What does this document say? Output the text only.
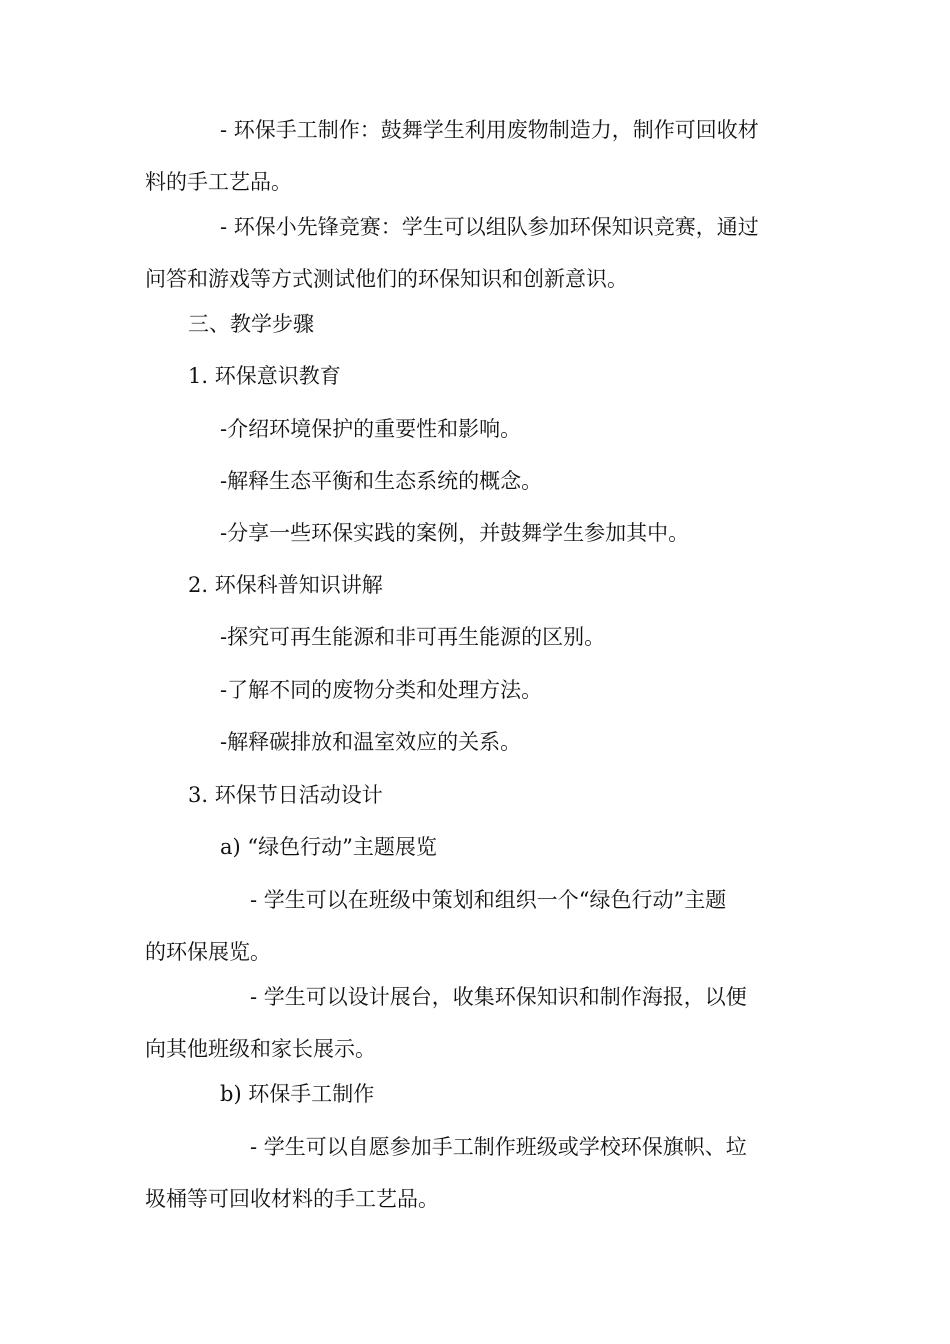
- 环保手工制作：鼓舞学生利用废物制造力，制作可回收材
料的手工艺品。
- 环保小先锋竞赛：学生可以组队参加环保知识竞赛，通过
问答和游戏等方式测试他们的环保知识和创新意识。
三、教学步骤
1. 环保意识教育
-介绍环境保护的重要性和影响。
-解释生态平衡和生态系统的概念。
-分享一些环保实践的案例，并鼓舞学生参加其中。
2. 环保科普知识讲解
-探究可再生能源和非可再生能源的区别。
-了解不同的废物分类和处理方法。
-解释碳排放和温室效应的关系。
3. 环保节日活动设计
a) “绿色行动”主题展览
- 学生可以在班级中策划和组织一个“绿色行动”主题
的环保展览。
- 学生可以设计展台，收集环保知识和制作海报，以便
向其他班级和家长展示。
b) 环保手工制作
- 学生可以自愿参加手工制作班级或学校环保旗帜、垃
圾桶等可回收材料的手工艺品。
